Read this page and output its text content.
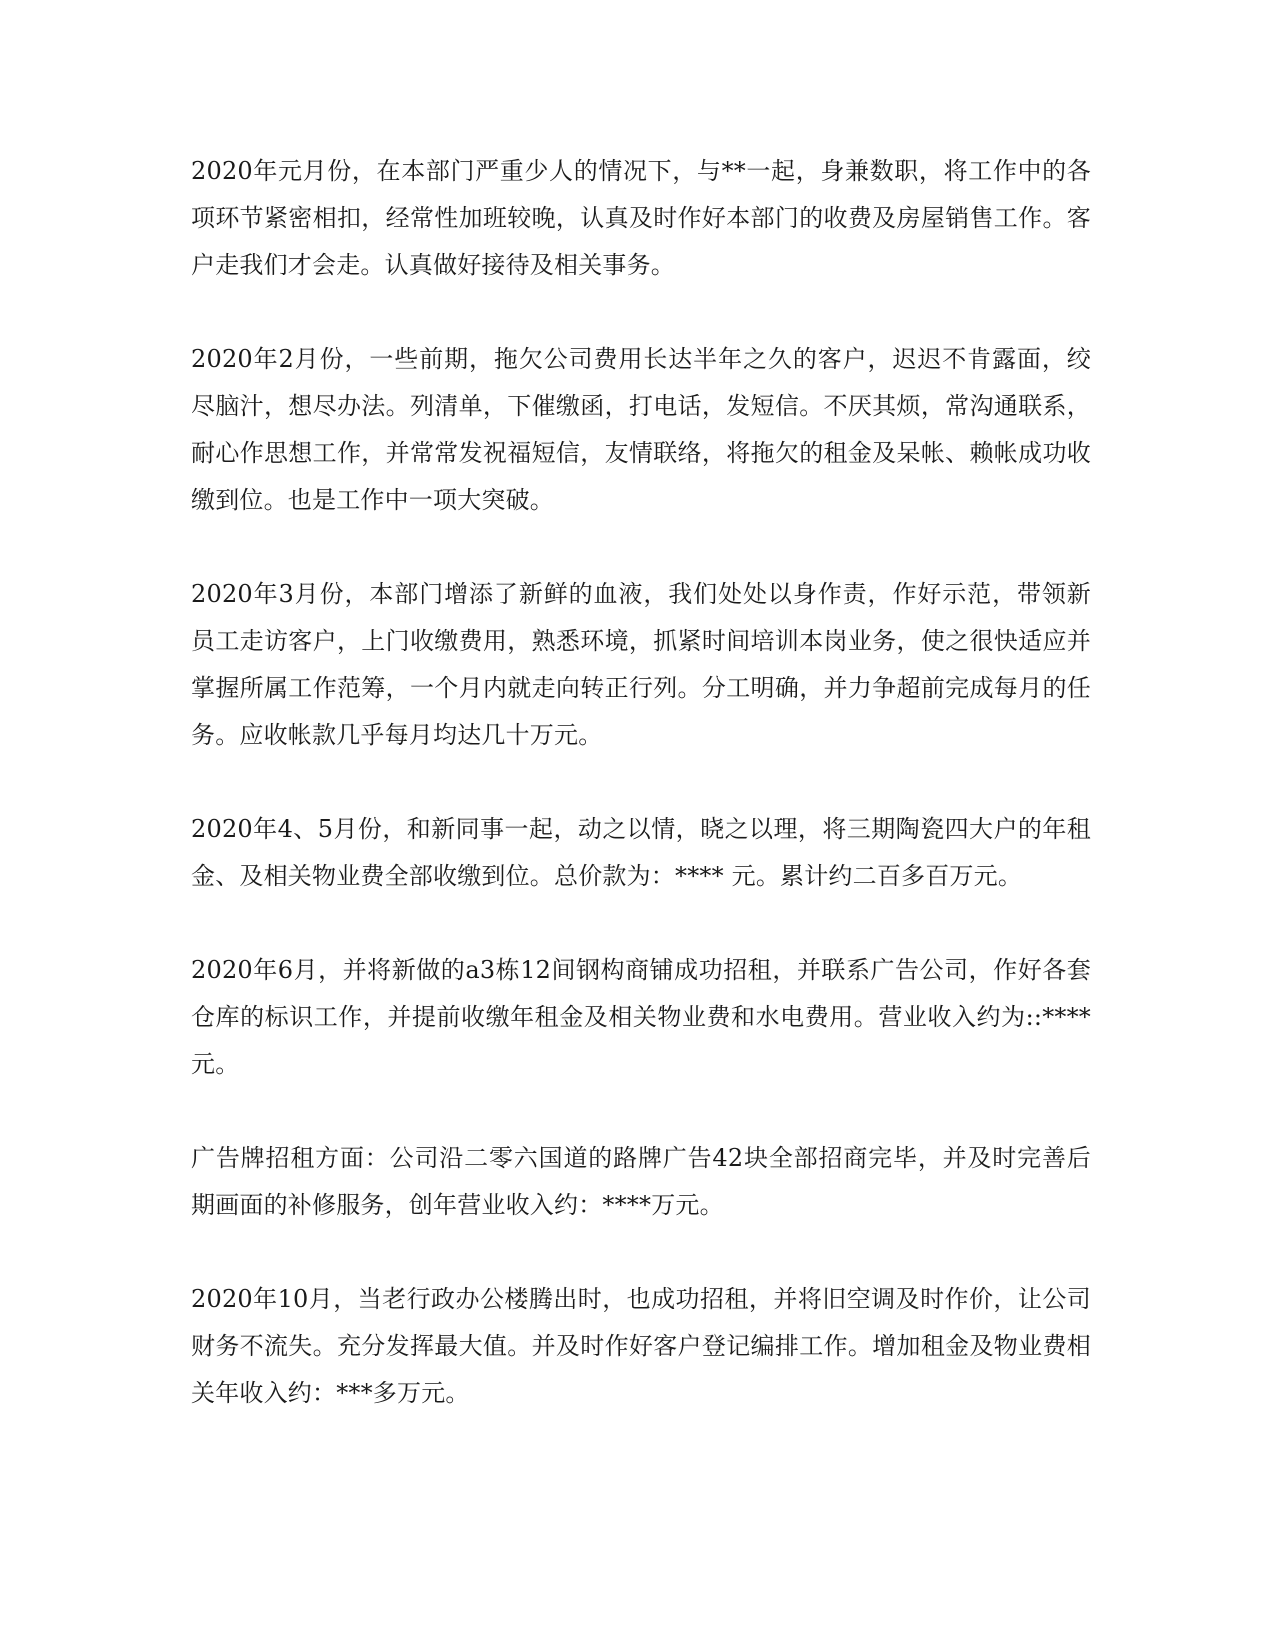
2020年元月份，在本部门严重少人的情况下，与**一起，身兼数职，将工作中的各项环节紧密相扣，经常性加班较晚，认真及时作好本部门的收费及房屋销售工作。客户走我们才会走。认真做好接待及相关事务。

2020年2月份，一些前期，拖欠公司费用长达半年之久的客户，迟迟不肯露面，绞尽脑汁，想尽办法。列清单，下催缴函，打电话，发短信。不厌其烦，常沟通联系，耐心作思想工作，并常常发祝福短信，友情联络，将拖欠的租金及呆帐、赖帐成功收缴到位。也是工作中一项大突破。

2020年3月份，本部门增添了新鲜的血液，我们处处以身作责，作好示范，带领新员工走访客户，上门收缴费用，熟悉环境，抓紧时间培训本岗业务，使之很快适应并掌握所属工作范筹，一个月内就走向转正行列。分工明确，并力争超前完成每月的任务。应收帐款几乎每月均达几十万元。

2020年4、5月份，和新同事一起，动之以情，晓之以理，将三期陶瓷四大户的年租金、及相关物业费全部收缴到位。总价款为：**** 元。累计约二百多百万元。

2020年6月，并将新做的a3栋12间钢构商铺成功招租，并联系广告公司，作好各套仓库的标识工作，并提前收缴年租金及相关物业费和水电费用。营业收入约为::****元。

广告牌招租方面：公司沿二零六国道的路牌广告42块全部招商完毕，并及时完善后期画面的补修服务，创年营业收入约：****万元。

2020年10月，当老行政办公楼腾出时，也成功招租，并将旧空调及时作价，让公司财务不流失。充分发挥最大值。并及时作好客户登记编排工作。增加租金及物业费相关年收入约：***多万元。
